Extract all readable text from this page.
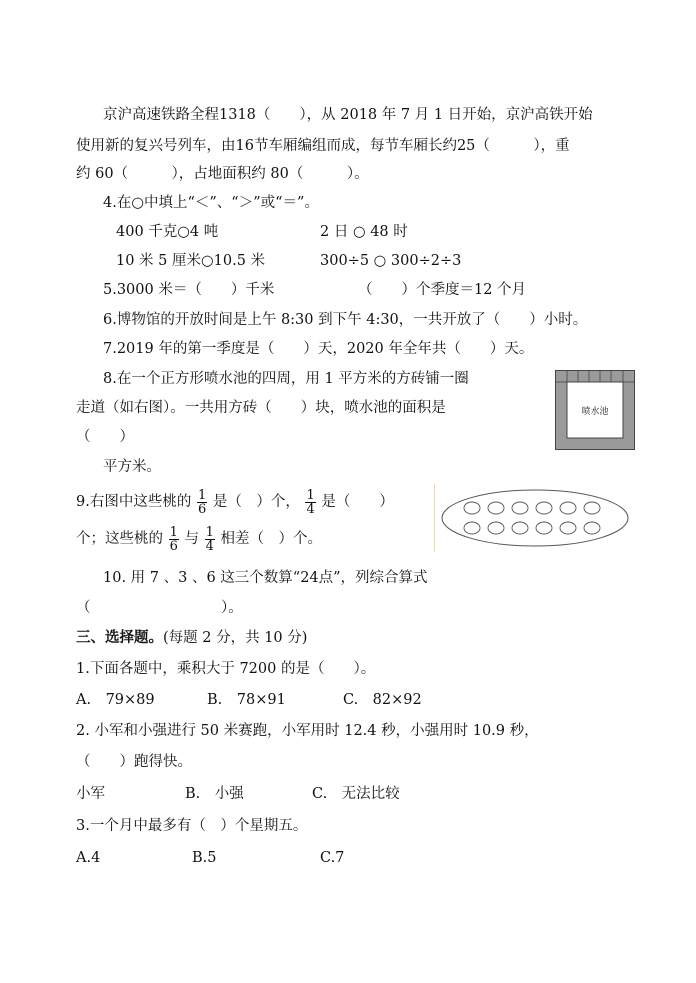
京沪高速铁路全程1318（　　），从 2018 年 7 月 1 日开始，京沪高铁开始
使用新的复兴号列车，由16节车厢编组而成，每节车厢长约25（　　　），重
约 60（　　　），占地面积约 80（　　　）。
4.在○中填上“＜”、“＞”或“＝”。
400 千克○4 吨	2 日 ○ 48 时
10 米 5 厘米○10.5 米	300÷5 ○ 300÷2÷3
5.3000 米＝（　　）千米	（　　）个季度＝12 个月
6.博物馆的开放时间是上午 8:30 到下午 4:30，一共开放了（　　）小时。
7.2019 年的第一季度是（　　）天，2020 年全年共（　　）天。
8.在一个正方形喷水池的四周，用 1 平方米的方砖铺一圈
走道（如右图）。一共用方砖（　　）块，喷水池的面积是
（　　）
平方米。
喷水池
9.右图中这些桃的 $\frac{1}{6}$ 是（　）个， $\frac{1}{4}$ 是（　　）
个；这些桃的 $\frac{1}{6}$ 与 $\frac{1}{4}$ 相差（　）个。
10. 用 7 、3 、6 这三个数算“24点”，列综合算式
（　　　　　　　　　）。
三、选择题。(每题 2 分，共 10 分)
1.下面各题中，乘积大于 7200 的是（　　）。
A.　79×89	B.　78×91	C.　82×92
2. 小军和小强进行 50 米赛跑，小军用时 12.4 秒，小强用时 10.9 秒，
（　　）跑得快。
小军	B.　小强	C.　无法比较
3.一个月中最多有（　）个星期五。
A.4	B.5	C.7
